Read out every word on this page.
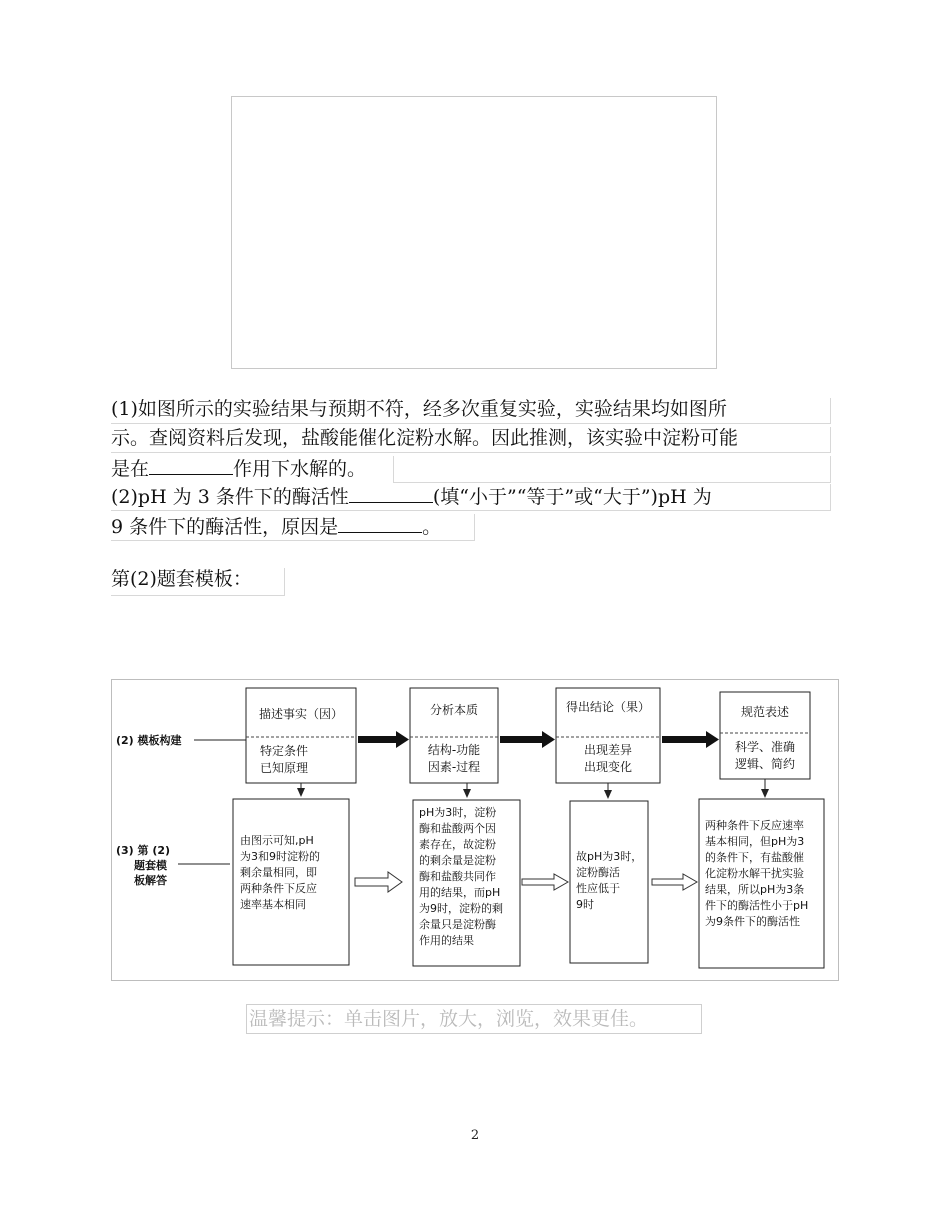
(1)如图所示的实验结果与预期不符，经多次重复实验，实验结果均如图所
示。查阅资料后发现，盐酸能催化淀粉水解。因此推测，该实验中淀粉可能
是在	作用下水解的。
(2)pH 为 3 条件下的酶活性	(填“小于”“等于”或“大于”)pH 为
9 条件下的酶活性，原因是	。
第(2)题套模板：
(2) 模板构建
(3) 第 (2)
题套模
板解答
描述事实（因）
特定条件
已知原理
分析本质
结构-功能
因素-过程
得出结论（果）
出现差异
出现变化
规范表述
科学、准确
逻辑、简约
由图示可知,pH
为3和9时淀粉的
剩余量相同，即
两种条件下反应
速率基本相同
pH为3时，淀粉
酶和盐酸两个因
素存在，故淀粉
的剩余量是淀粉
酶和盐酸共同作
用的结果，而pH
为9时，淀粉的剩
余量只是淀粉酶
作用的结果
故pH为3时，
淀粉酶活
性应低于
9时
两种条件下反应速率
基本相同，但pH为3
的条件下，有盐酸催
化淀粉水解干扰实验
结果，所以pH为3条
件下的酶活性小于pH
为9条件下的酶活性
温馨提示：单击图片，放大，浏览，效果更佳。
2
